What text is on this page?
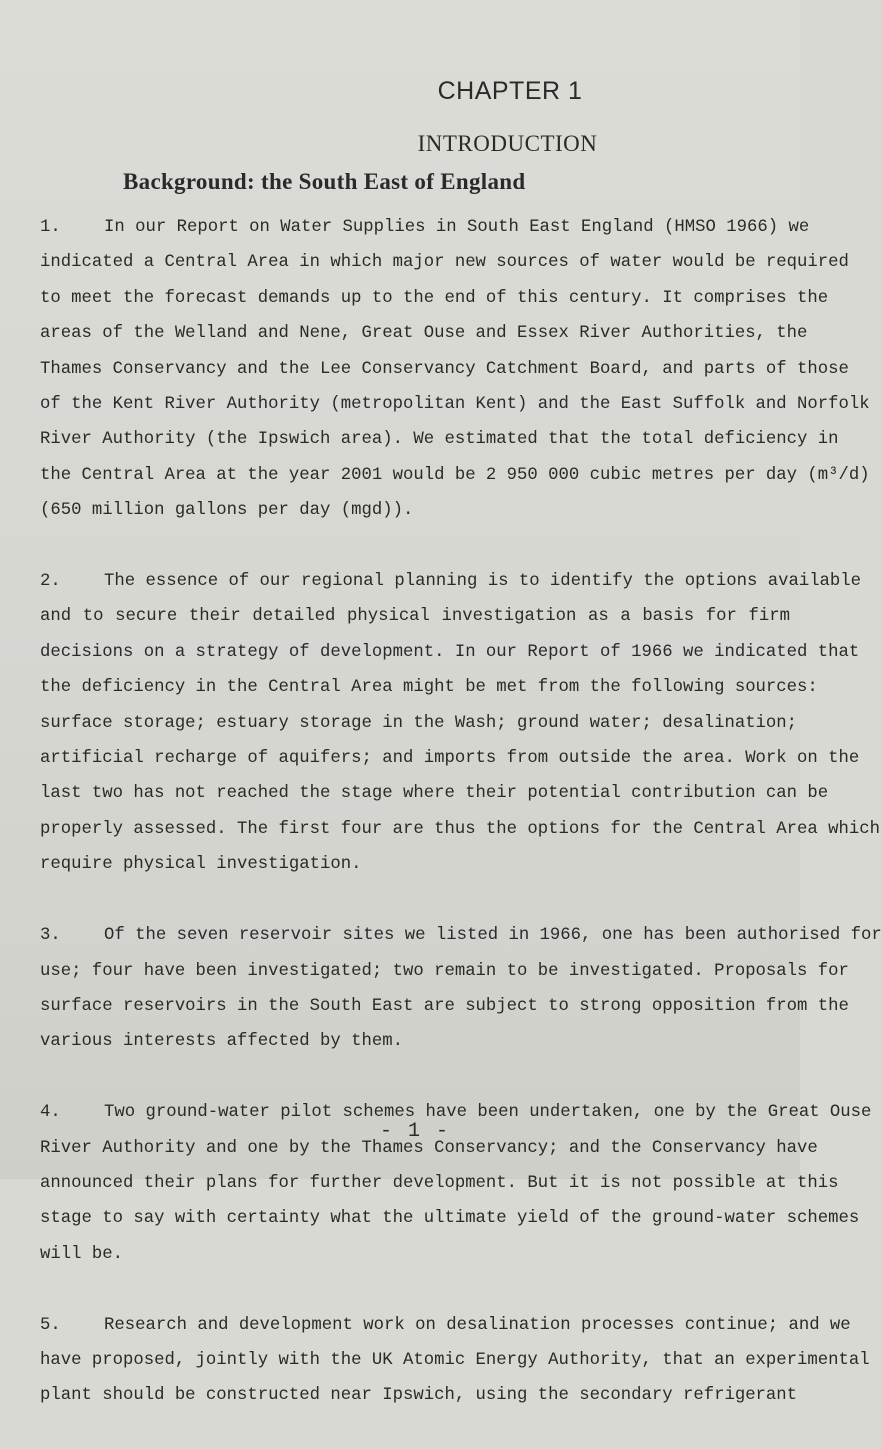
CHAPTER 1
INTRODUCTION
Background: the South East of England
1.	In our Report on Water Supplies in South East England (HMSO 1966) we
indicated a Central Area in which major new sources of water would be required
to meet the forecast demands up to the end of this century. It comprises the
areas of the Welland and Nene, Great Ouse and Essex River Authorities, the
Thames Conservancy and the Lee Conservancy Catchment Board, and parts of those
of the Kent River Authority (metropolitan Kent) and the East Suffolk and Norfolk
River Authority (the Ipswich area). We estimated that the total deficiency in
the Central Area at the year 2001 would be 2 950 000 cubic metres per day (m³/d)
(650 million gallons per day (mgd)).
2.	The essence of our regional planning is to identify the options available
and to secure their detailed physical investigation as a basis for firm
decisions on a strategy of development. In our Report of 1966 we indicated that
the deficiency in the Central Area might be met from the following sources:
surface storage; estuary storage in the Wash; ground water; desalination;
artificial recharge of aquifers; and imports from outside the area. Work on the
last two has not reached the stage where their potential contribution can be
properly assessed. The first four are thus the options for the Central Area which
require physical investigation.
3.	Of the seven reservoir sites we listed in 1966, one has been authorised for
use; four have been investigated; two remain to be investigated. Proposals for
surface reservoirs in the South East are subject to strong opposition from the
various interests affected by them.
4.	Two ground-water pilot schemes have been undertaken, one by the Great Ouse
River Authority and one by the Thames Conservancy; and the Conservancy have
announced their plans for further development. But it is not possible at this
stage to say with certainty what the ultimate yield of the ground-water schemes
will be.
5.	Research and development work on desalination processes continue; and we
have proposed, jointly with the UK Atomic Energy Authority, that an experimental
plant should be constructed near Ipswich, using the secondary refrigerant
- 1 -
